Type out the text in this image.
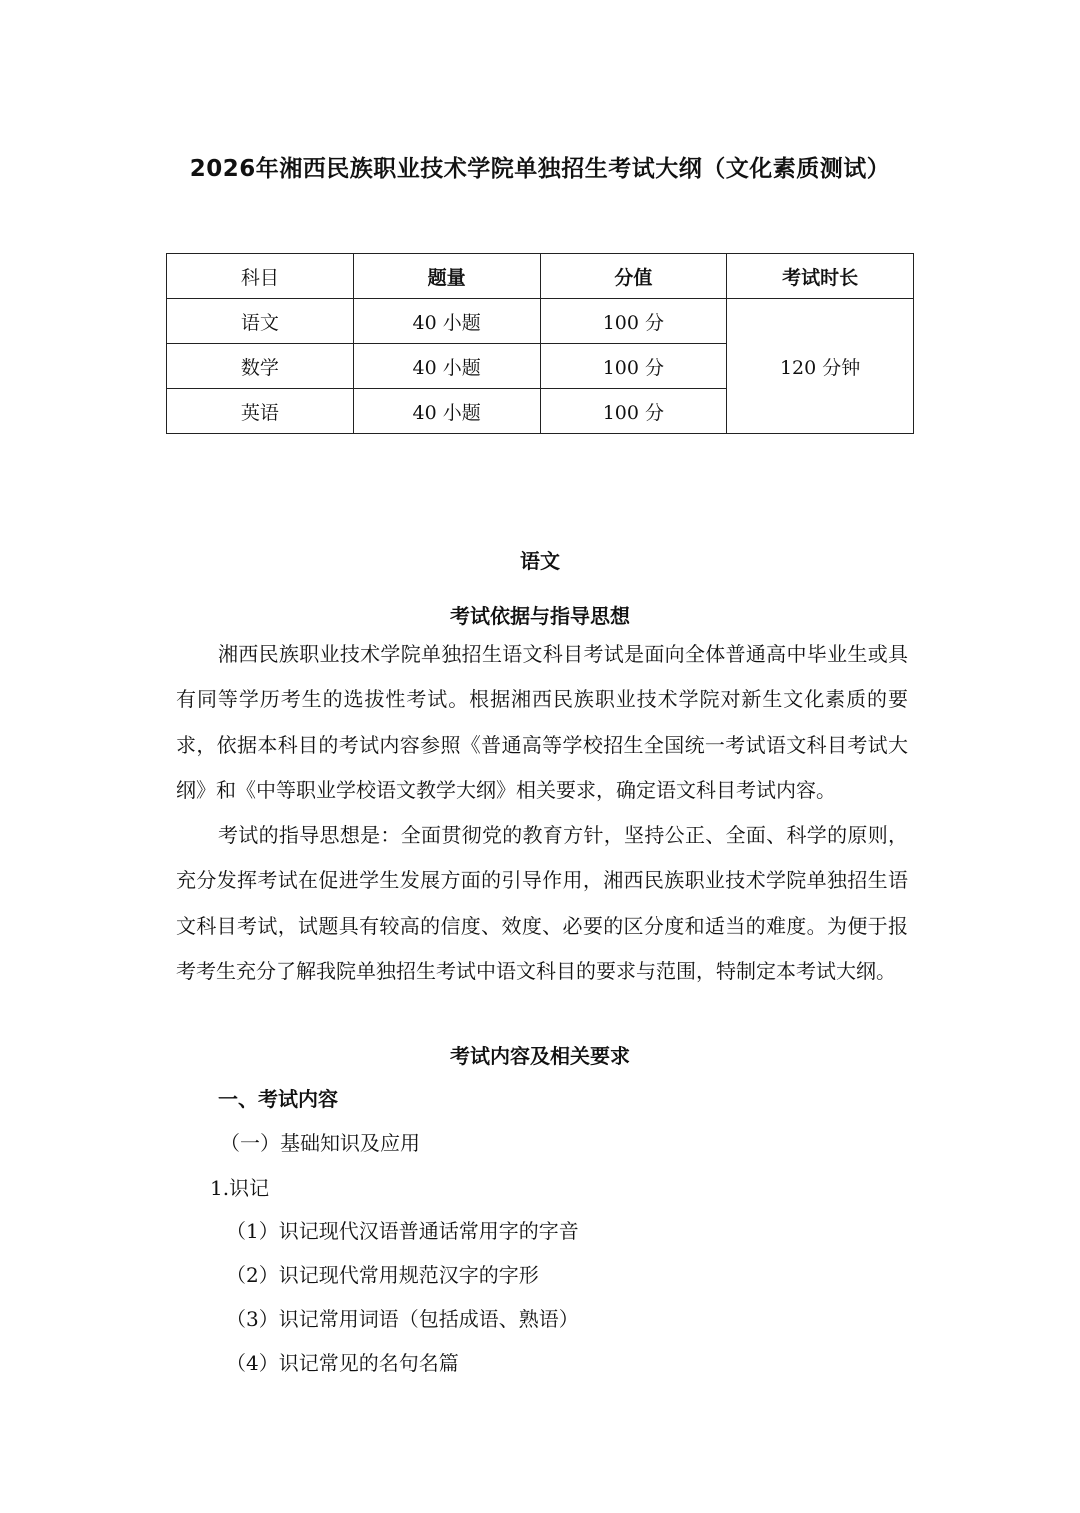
2026年湘西民族职业技术学院单独招生考试大纲（文化素质测试）
科目	题量	分值	考试时长
语文	40 小题	100 分	120 分钟
数学	40 小题	100 分	
英语	40 小题	100 分	
语文
考试依据与指导思想

湘西民族职业技术学院单独招生语文科目考试是面向全体普通高中毕业生或具有同等学历考生的选拔性考试。根据湘西民族职业技术学院对新生文化素质的要求，依据本科目的考试内容参照《普通高等学校招生全国统一考试语文科目考试大纲》和《中等职业学校语文教学大纲》相关要求，确定语文科目考试内容。

考试的指导思想是：全面贯彻党的教育方针，坚持公正、全面、科学的原则，充分发挥考试在促进学生发展方面的引导作用，湘西民族职业技术学院单独招生语文科目考试，试题具有较高的信度、效度、必要的区分度和适当的难度。为便于报考考生充分了解我院单独招生考试中语文科目的要求与范围，特制定本考试大纲。

考试内容及相关要求
一、考试内容
（一）基础知识及应用
1.识记
（1）识记现代汉语普通话常用字的字音
（2）识记现代常用规范汉字的字形
（3）识记常用词语（包括成语、熟语）
（4）识记常见的名句名篇
